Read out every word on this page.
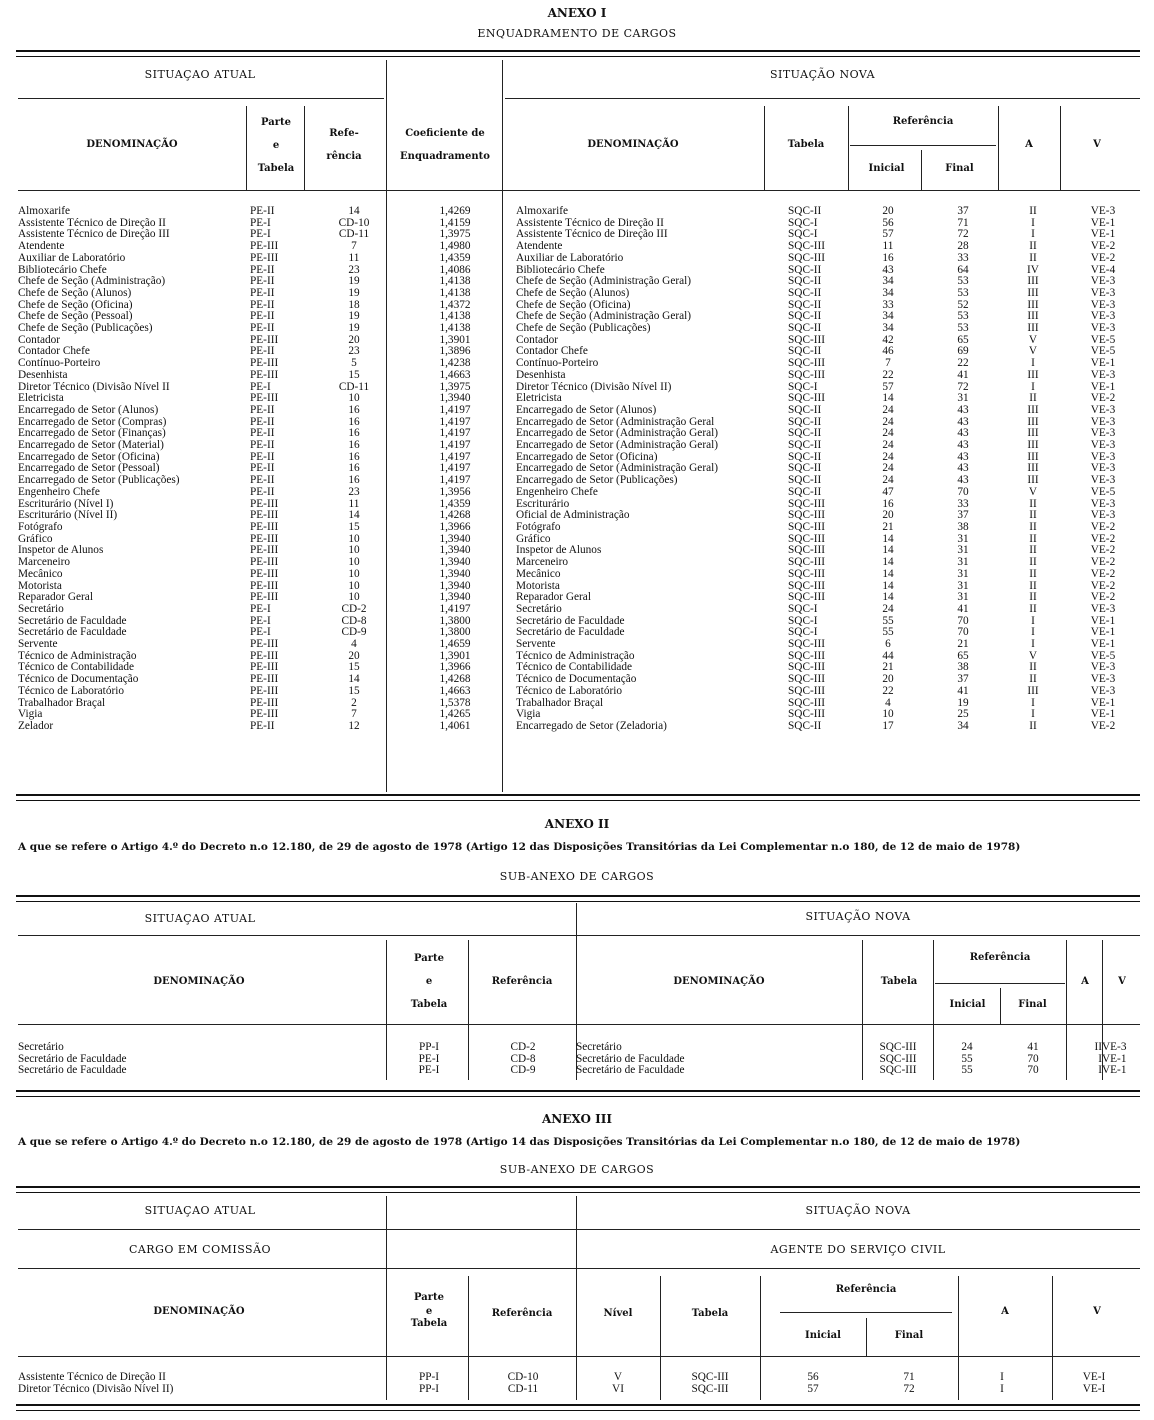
ANEXO I
ENQUADRAMENTO DE CARGOS
SITUAÇAO ATUAL	SITUAÇÃO NOVA
DENOMINAÇÃO
Parte
e
Tabela
Refe-
rência
Coeficiente de
Enquadramento
DENOMINAÇÃO	Tabela
Referência
Inicial	Final
A	V
Almoxarife	PE-II	14	1,4269	Almoxarife	SQC-II	20	37	II	VE-3
Assistente Técnico de Direção II	PE-I	CD-10	1,4159	Assistente Técnico de Direção II	SQC-I	56	71	I	VE-1
Assistente Técnico de Direção III	PE-I	CD-11	1,3975	Assistente Técnico de Direção III	SQC-I	57	72	I	VE-1
Atendente	PE-III	7	1,4980	Atendente	SQC-III	11	28	II	VE-2
Auxiliar de Laboratório	PE-III	11	1,4359	Auxiliar de Laboratório	SQC-III	16	33	II	VE-2
Bibliotecário Chefe	PE-II	23	1,4086	Bibliotecário Chefe	SQC-II	43	64	IV	VE-4
Chefe de Seção (Administração)	PE-II	19	1,4138	Chefe de Seção (Administração Geral)	SQC-II	34	53	III	VE-3
Chefe de Seção (Alunos)	PE-II	19	1,4138	Chefe de Seção (Alunos)	SQC-II	34	53	III	VE-3
Chefe de Seção (Oficina)	PE-II	18	1,4372	Chefe de Seção (Oficina)	SQC-II	33	52	III	VE-3
Chefe de Seção (Pessoal)	PE-II	19	1,4138	Chefe de Seção (Administração Geral)	SQC-II	34	53	III	VE-3
Chefe de Seção (Publicações)	PE-II	19	1,4138	Chefe de Seção (Publicações)	SQC-II	34	53	III	VE-3
Contador	PE-III	20	1,3901	Contador	SQC-III	42	65	V	VE-5
Contador Chefe	PE-II	23	1,3896	Contador Chefe	SQC-II	46	69	V	VE-5
Contínuo-Porteiro	PE-III	5	1,4238	Contínuo-Porteiro	SQC-III	7	22	I	VE-1
Desenhista	PE-III	15	1,4663	Desenhista	SQC-III	22	41	III	VE-3
Diretor Técnico (Divisão Nível II	PE-I	CD-11	1,3975	Diretor Técnico (Divisão Nível II)	SQC-I	57	72	I	VE-1
Eletricista	PE-III	10	1,3940	Eletricista	SQC-III	14	31	II	VE-2
Encarregado de Setor (Alunos)	PE-II	16	1,4197	Encarregado de Setor (Alunos)	SQC-II	24	43	III	VE-3
Encarregado de Setor (Compras)	PE-II	16	1,4197	Encarregado de Setor (Administração Geral	SQC-II	24	43	III	VE-3
Encarregado de Setor (Finanças)	PE-II	16	1,4197	Encarregado de Setor (Administração Geral)	SQC-II	24	43	III	VE-3
Encarregado de Setor (Material)	PE-II	16	1,4197	Encarregado de Setor (Administração Geral)	SQC-II	24	43	III	VE-3
Encarregado de Setor (Oficina)	PE-II	16	1,4197	Encarregado de Setor (Oficina)	SQC-II	24	43	III	VE-3
Encarregado de Setor (Pessoal)	PE-II	16	1,4197	Encarregado de Setor (Administração Geral)	SQC-II	24	43	III	VE-3
Encarregado de Setor (Publicações)	PE-II	16	1,4197	Encarregado de Setor (Publicações)	SQC-II	24	43	III	VE-3
Engenheiro Chefe	PE-II	23	1,3956	Engenheiro Chefe	SQC-II	47	70	V	VE-5
Escriturário (Nível I)	PE-III	11	1,4359	Escriturário	SQC-III	16	33	II	VE-3
Escriturário (Nível II)	PE-III	14	1,4268	Oficial de Administração	SQC-III	20	37	II	VE-3
Fotógrafo	PE-III	15	1,3966	Fotógrafo	SQC-III	21	38	II	VE-2
Gráfico	PE-III	10	1,3940	Gráfico	SQC-III	14	31	II	VE-2
Inspetor de Alunos	PE-III	10	1,3940	Inspetor de Alunos	SQC-III	14	31	II	VE-2
Marceneiro	PE-III	10	1,3940	Marceneiro	SQC-III	14	31	II	VE-2
Mecânico	PE-III	10	1,3940	Mecânico	SQC-III	14	31	II	VE-2
Motorista	PE-III	10	1,3940	Motorista	SQC-III	14	31	II	VE-2
Reparador Geral	PE-III	10	1,3940	Reparador Geral	SQC-III	14	31	II	VE-2
Secretário	PE-I	CD-2	1,4197	Secretário	SQC-I	24	41	II	VE-3
Secretário de Faculdade	PE-I	CD-8	1,3800	Secretário de Faculdade	SQC-I	55	70	I	VE-1
Secretário de Faculdade	PE-I	CD-9	1,3800	Secretário de Faculdade	SQC-I	55	70	I	VE-1
Servente	PE-III	4	1,4659	Servente	SQC-III	6	21	I	VE-1
Técnico de Administração	PE-III	20	1,3901	Técnico de Administração	SQC-III	44	65	V	VE-5
Técnico de Contabilidade	PE-III	15	1,3966	Técnico de Contabilidade	SQC-III	21	38	II	VE-3
Técnico de Documentação	PE-III	14	1,4268	Técnico de Documentação	SQC-III	20	37	II	VE-3
Técnico de Laboratório	PE-III	15	1,4663	Técnico de Laboratório	SQC-III	22	41	III	VE-3
Trabalhador Braçal	PE-III	2	1,5378	Trabalhador Braçal	SQC-III	4	19	I	VE-1
Vigia	PE-III	7	1,4265	Vigia	SQC-III	10	25	I	VE-1
Zelador	PE-II	12	1,4061	Encarregado de Setor (Zeladoria)	SQC-II	17	34	II	VE-2
ANEXO II
A que se refere o Artigo 4.º do Decreto n.o 12.180, de 29 de agosto de 1978 (Artigo 12 das Disposições Transitórias da Lei Complementar n.o 180, de 12 de maio de 1978)
SUB-ANEXO DE CARGOS
SITUAÇAO ATUAL	SITUAÇÃO NOVA
DENOMINAÇÃO
Parte
e
Tabela
Referência	DENOMINAÇÃO	Tabela
Referência
Inicial	Final
A	V
Secretário	PP-I	CD-2	Secretário	SQC-III	24	41	II	VE-3
Secretário de Faculdade	PE-I	CD-8	Secretário de Faculdade	SQC-III	55	70	I	VE-1
Secretário de Faculdade	PE-I	CD-9	Secretário de Faculdade	SQC-III	55	70	I	VE-1
ANEXO III
A que se refere o Artigo 4.º do Decreto n.o 12.180, de 29 de agosto de 1978 (Artigo 14 das Disposições Transitórias da Lei Complementar n.o 180, de 12 de maio de 1978)
SUB-ANEXO DE CARGOS
SITUAÇAO ATUAL	SITUAÇÃO NOVA
CARGO EM COMISSÃO	AGENTE DO SERVIÇO CIVIL
DENOMINAÇÃO
Parte
e
Tabela
Referência	Nível	Tabela
Referência
Inicial	Final
A	V
Assistente Técnico de Direção II	PP-I	CD-10	V	SQC-III	56	71	I	VE-I
Diretor Técnico (Divisão Nível II)	PP-I	CD-11	VI	SQC-III	57	72	I	VE-I
